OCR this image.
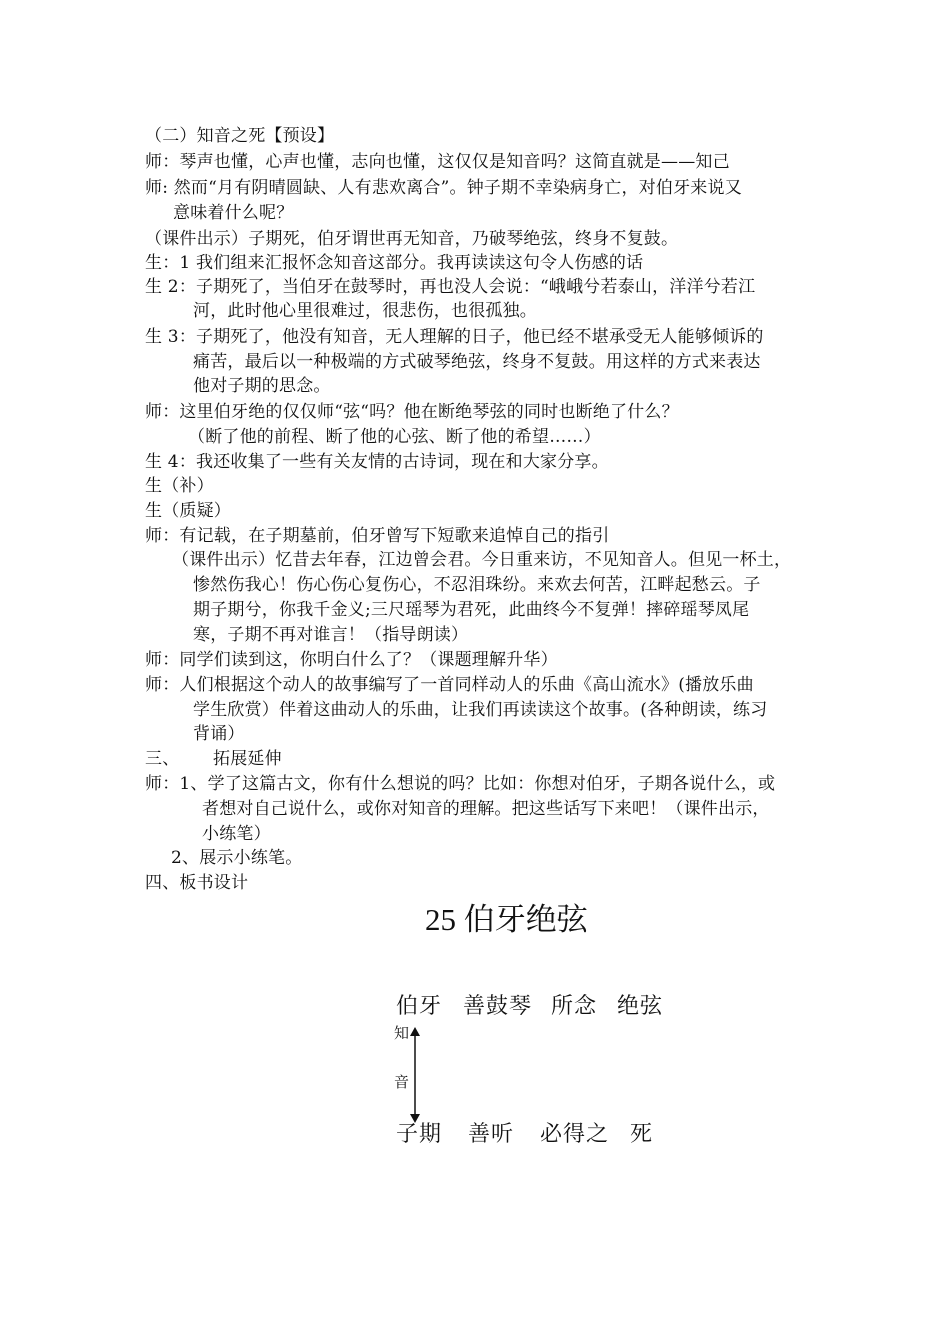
（二）知音之死【预设】
师：琴声也懂，心声也懂，志向也懂，这仅仅是知音吗？这简直就是——知己
师: 然而“月有阴晴圆缺、人有悲欢离合”。钟子期不幸染病身亡，对伯牙来说又
意味着什么呢？
（课件出示）子期死，伯牙谓世再无知音，乃破琴绝弦，终身不复鼓。
生：1 我们组来汇报怀念知音这部分。我再读读这句令人伤感的话
生 2：子期死了，当伯牙在鼓琴时，再也没人会说：“峨峨兮若泰山，洋洋兮若江
河，此时他心里很难过，很悲伤，也很孤独。
生 3：子期死了，他没有知音，无人理解的日子，他已经不堪承受无人能够倾诉的
痛苦，最后以一种极端的方式破琴绝弦，终身不复鼓。用这样的方式来表达
他对子期的思念。
师：这里伯牙绝的仅仅师“弦“吗？他在断绝琴弦的同时也断绝了什么？
（断了他的前程、断了他的心弦、断了他的希望……）
生 4：我还收集了一些有关友情的古诗词，现在和大家分享。
生（补）
生（质疑）
师：有记载，在子期墓前，伯牙曾写下短歌来追悼自己的指引
（课件出示）忆昔去年春，江边曾会君。今日重来访，不见知音人。但见一杯土，
惨然伤我心！伤心伤心复伤心，不忍泪珠纷。来欢去何苦，江畔起愁云。子
期子期兮，你我千金义;三尺瑶琴为君死，此曲终今不复弹！摔碎瑶琴凤尾
寒，子期不再对谁言！（指导朗读）
师：同学们读到这，你明白什么了？（课题理解升华）
师：人们根据这个动人的故事编写了一首同样动人的乐曲《高山流水》(播放乐曲
学生欣赏）伴着这曲动人的乐曲，让我们再读读这个故事。(各种朗读，练习
背诵）
三、 拓展延伸
师：1、学了这篇古文，你有什么想说的吗？比如：你想对伯牙，子期各说什么，或
者想对自己说什么，或你对知音的理解。把这些话写下来吧！（课件出示，
小练笔）
2、展示小练笔。
四、板书设计
25 伯牙绝弦
伯牙 善鼓琴 所念 绝弦
知
音
子期 善听 必得之 死
